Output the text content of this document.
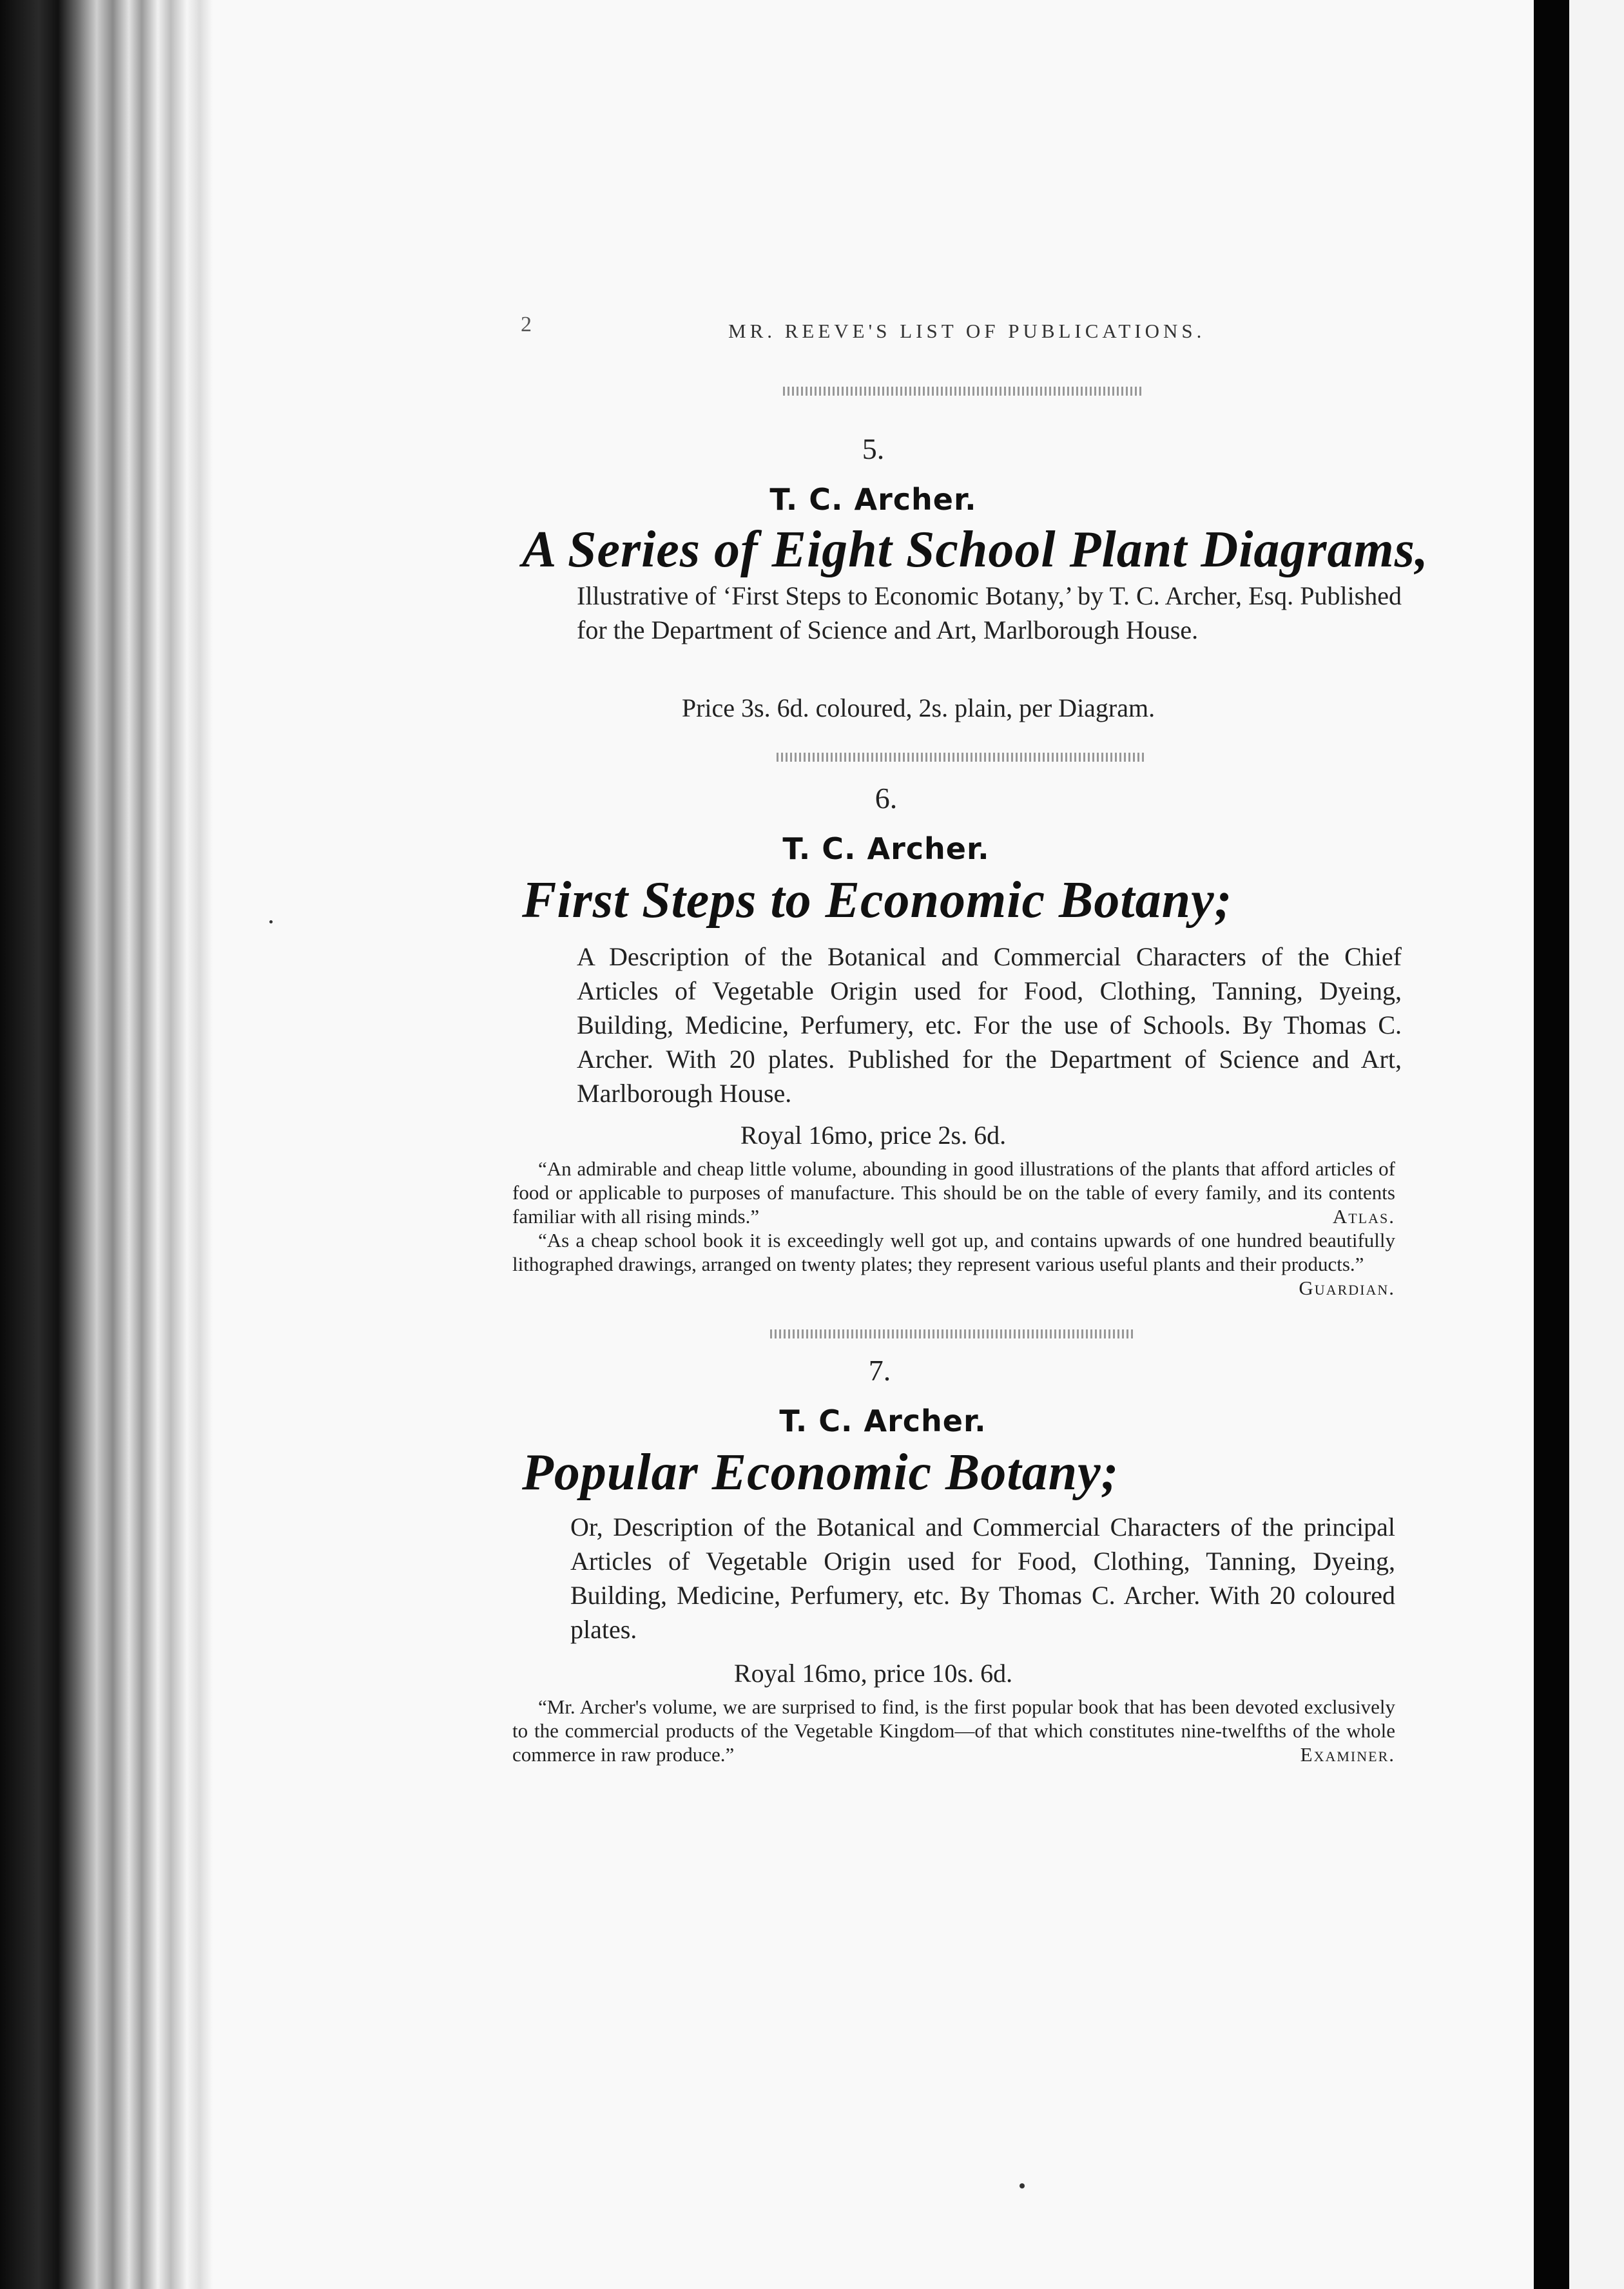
2	MR. REEVE'S LIST OF PUBLICATIONS.
5.
T. C. Archer.
A Series of Eight School Plant Diagrams,

Illustrative of ‘First Steps to Economic Botany,’ by T. C. Archer, Esq. Published for the Department of Science and Art, Marlborough House.

Price 3s. 6d. coloured, 2s. plain, per Diagram.
6.
T. C. Archer.
First Steps to Economic Botany;

A Description of the Botanical and Commercial Characters of the Chief Articles of Vegetable Origin used for Food, Clothing, Tanning, Dyeing, Building, Medicine, Perfumery, etc. For the use of Schools. By Thomas C. Archer. With 20 plates. Published for the Department of Science and Art, Marlborough House.

Royal 16mo, price 2s. 6d.

“An admirable and cheap little volume, abounding in good illustrations of the plants that afford articles of food or applicable to purposes of manufacture. This should be on the table of every family, and its contents familiar with all rising minds.”	Atlas.

“As a cheap school book it is exceedingly well got up, and contains upwards of one hundred beautifully lithographed drawings, arranged on twenty plates; they represent various useful plants and their products.”
Guardian.

7.
T. C. Archer.
Popular Economic Botany;

Or, Description of the Botanical and Commercial Characters of the principal Articles of Vegetable Origin used for Food, Clothing, Tanning, Dyeing, Building, Medicine, Perfumery, etc. By Thomas C. Archer. With 20 coloured plates.

Royal 16mo, price 10s. 6d.

“Mr. Archer's volume, we are surprised to find, is the first popular book that has been devoted exclusively to the commercial products of the Vegetable Kingdom—of that which constitutes nine-twelfths of the whole commerce in raw produce.”	Examiner.
